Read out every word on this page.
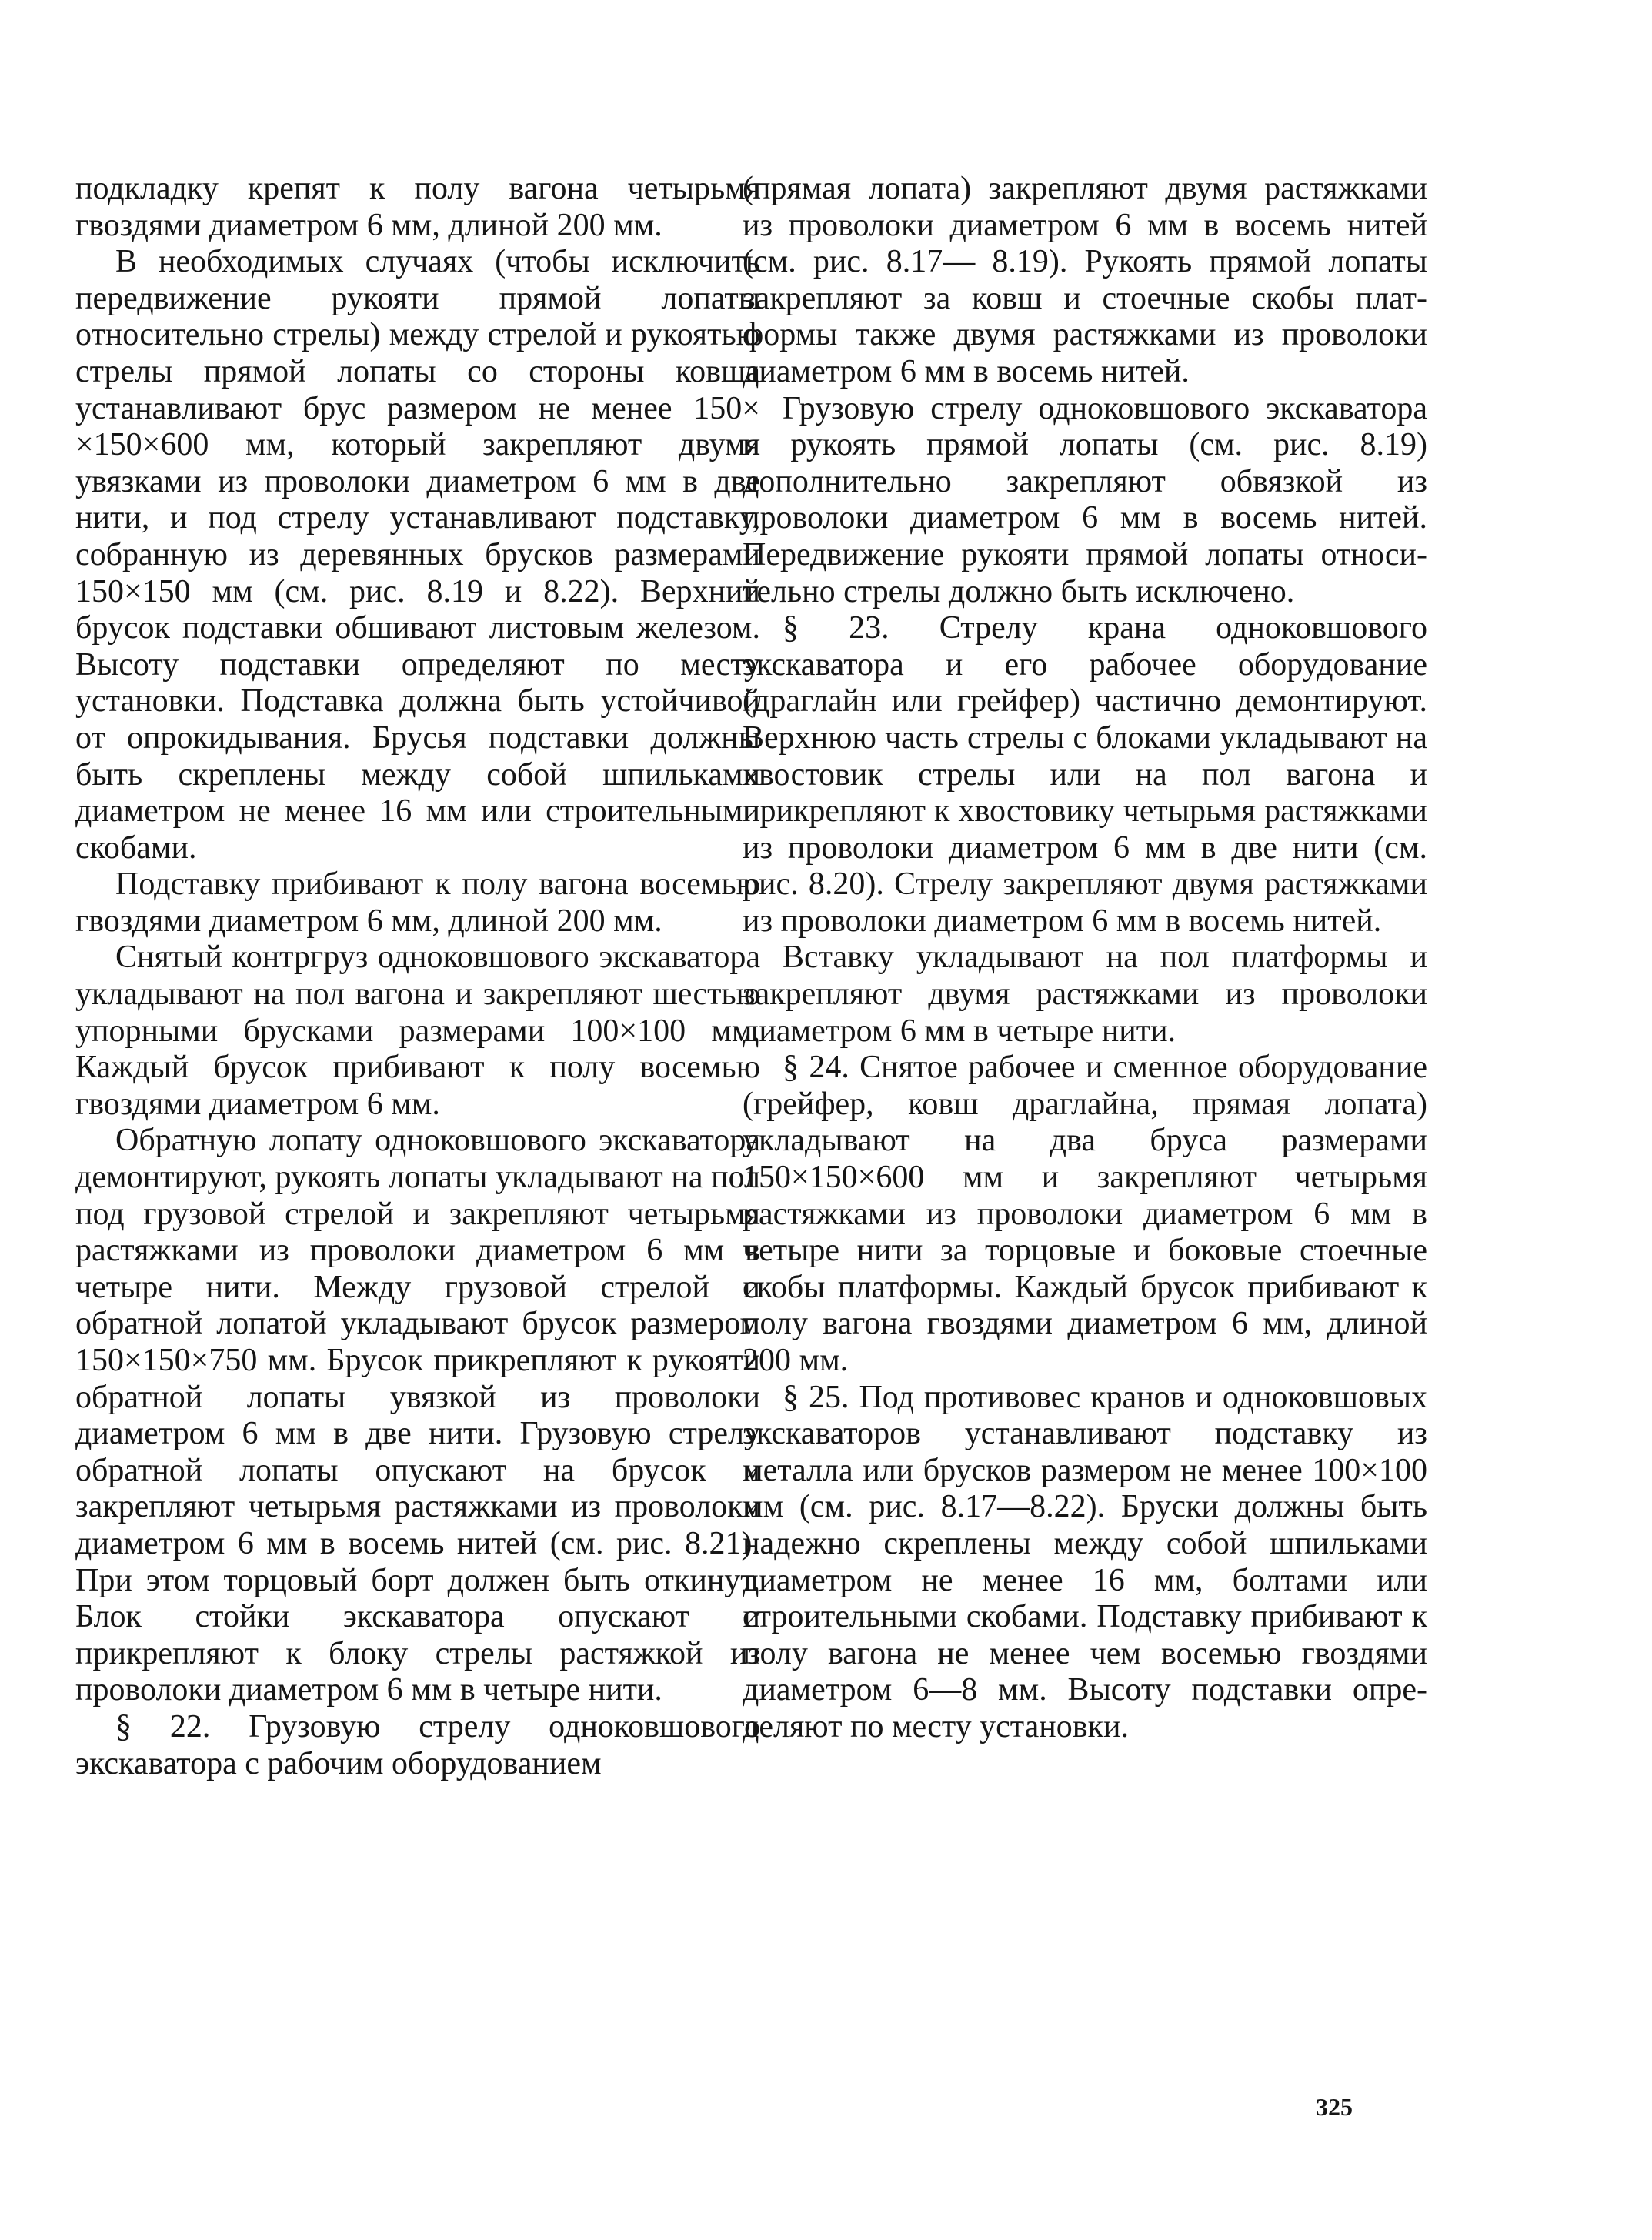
подкладку крепят к полу вагона четырьмя гвоздями диаметром 6 мм, длиной 200 мм.

В необходимых случаях (чтобы исключить передвижение рукояти прямой лопаты относительно стрелы) между стрелой и рукоятью стрелы прямой лопаты со стороны ковша устанавливают брус размером не менее 150× ×150×600 мм, который закрепляют двумя увязками из проволоки диаметром 6 мм в две нити, и под стрелу устанавливают подставку, собранную из деревянных брусков размерами 150×150 мм (см. рис. 8.19 и 8.22). Верхний брусок подставки обшивают листовым железом. Высоту подставки определяют по месту установки. Подставка должна быть устойчивой от опрокидывания. Брусья подставки должны быть скреплены между собой шпильками диаметром не менее 16 мм или строительными скобами.

Подставку прибивают к полу вагона восемью гвоздями диаметром 6 мм, длиной 200 мм.

Снятый контргруз одноковшового экскаватора укладывают на пол вагона и закрепляют шестью упорными брусками размерами 100×100 мм. Каждый брусок прибивают к полу восемью гвоздями диаметром 6 мм.

Обратную лопату одноковшового экскаватора демонтируют, рукоять лопаты укладывают на пол под грузовой стрелой и закрепляют четырьмя растяжками из проволоки диаметром 6 мм в четыре нити. Между грузовой стрелой и обратной лопатой укладывают брусок размером 150×150×750 мм. Брусок прикрепляют к рукояти обратной лопаты увязкой из проволоки диаметром 6 мм в две нити. Грузовую стрелу обратной лопаты опускают на брусок и закрепляют четырьмя растяжками из проволоки диаметром 6 мм в восемь нитей (см. рис. 8.21). При этом торцовый борт должен быть откинут. Блок стойки экскаватора опускают и прикрепляют к блоку стрелы растяжкой из проволоки диаметром 6 мм в четыре нити.

§ 22. Грузовую стрелу одноковшового экскаватора с рабочим оборудованием

(прямая лопата) закрепляют двумя растяжками из проволоки диаметром 6 мм в восемь нитей (см. рис. 8.17— 8.19). Рукоять прямой лопаты закрепляют за ковш и стоечные скобы платформы также двумя растяжками из проволоки диаметром 6 мм в восемь нитей.

Грузовую стрелу одноковшового экскаватора и рукоять прямой лопаты (см. рис. 8.19) дополнительно закрепляют обвязкой из проволоки диаметром 6 мм в восемь нитей. Передвижение рукояти прямой лопаты относительно стрелы должно быть исключено.

§ 23. Стрелу крана одноковшового экскаватора и его рабочее оборудование (драглайн или грейфер) частично демонтируют. Верхнюю часть стрелы с блоками укладывают на хвостовик стрелы или на пол вагона и прикрепляют к хвостовику четырьмя растяжками из проволоки диаметром 6 мм в две нити (см. рис. 8.20). Стрелу закрепляют двумя растяжками из проволоки диаметром 6 мм в восемь нитей.

Вставку укладывают на пол платформы и закрепляют двумя растяжками из проволоки диаметром 6 мм в четыре нити.

§ 24. Снятое рабочее и сменное оборудование (грейфер, ковш драглайна, прямая лопата) укладывают на два бруса размерами 150×150×600 мм и закрепляют четырьмя растяжками из проволоки диаметром 6 мм в четыре нити за торцовые и боковые стоечные скобы платформы. Каждый брусок прибивают к полу вагона гвоздями диаметром 6 мм, длиной 200 мм.

§ 25. Под противовес кранов и одноковшовых экскаваторов устанавливают подставку из металла или брусков размером не менее 100×100 мм (см. рис. 8.17—8.22). Бруски должны быть надежно скреплены между собой шпильками диаметром не менее 16 мм, болтами или строительными скобами. Подставку прибивают к полу вагона не менее чем восемью гвоздями диаметром 6—8 мм. Высоту подставки определяют по месту установки.

325
